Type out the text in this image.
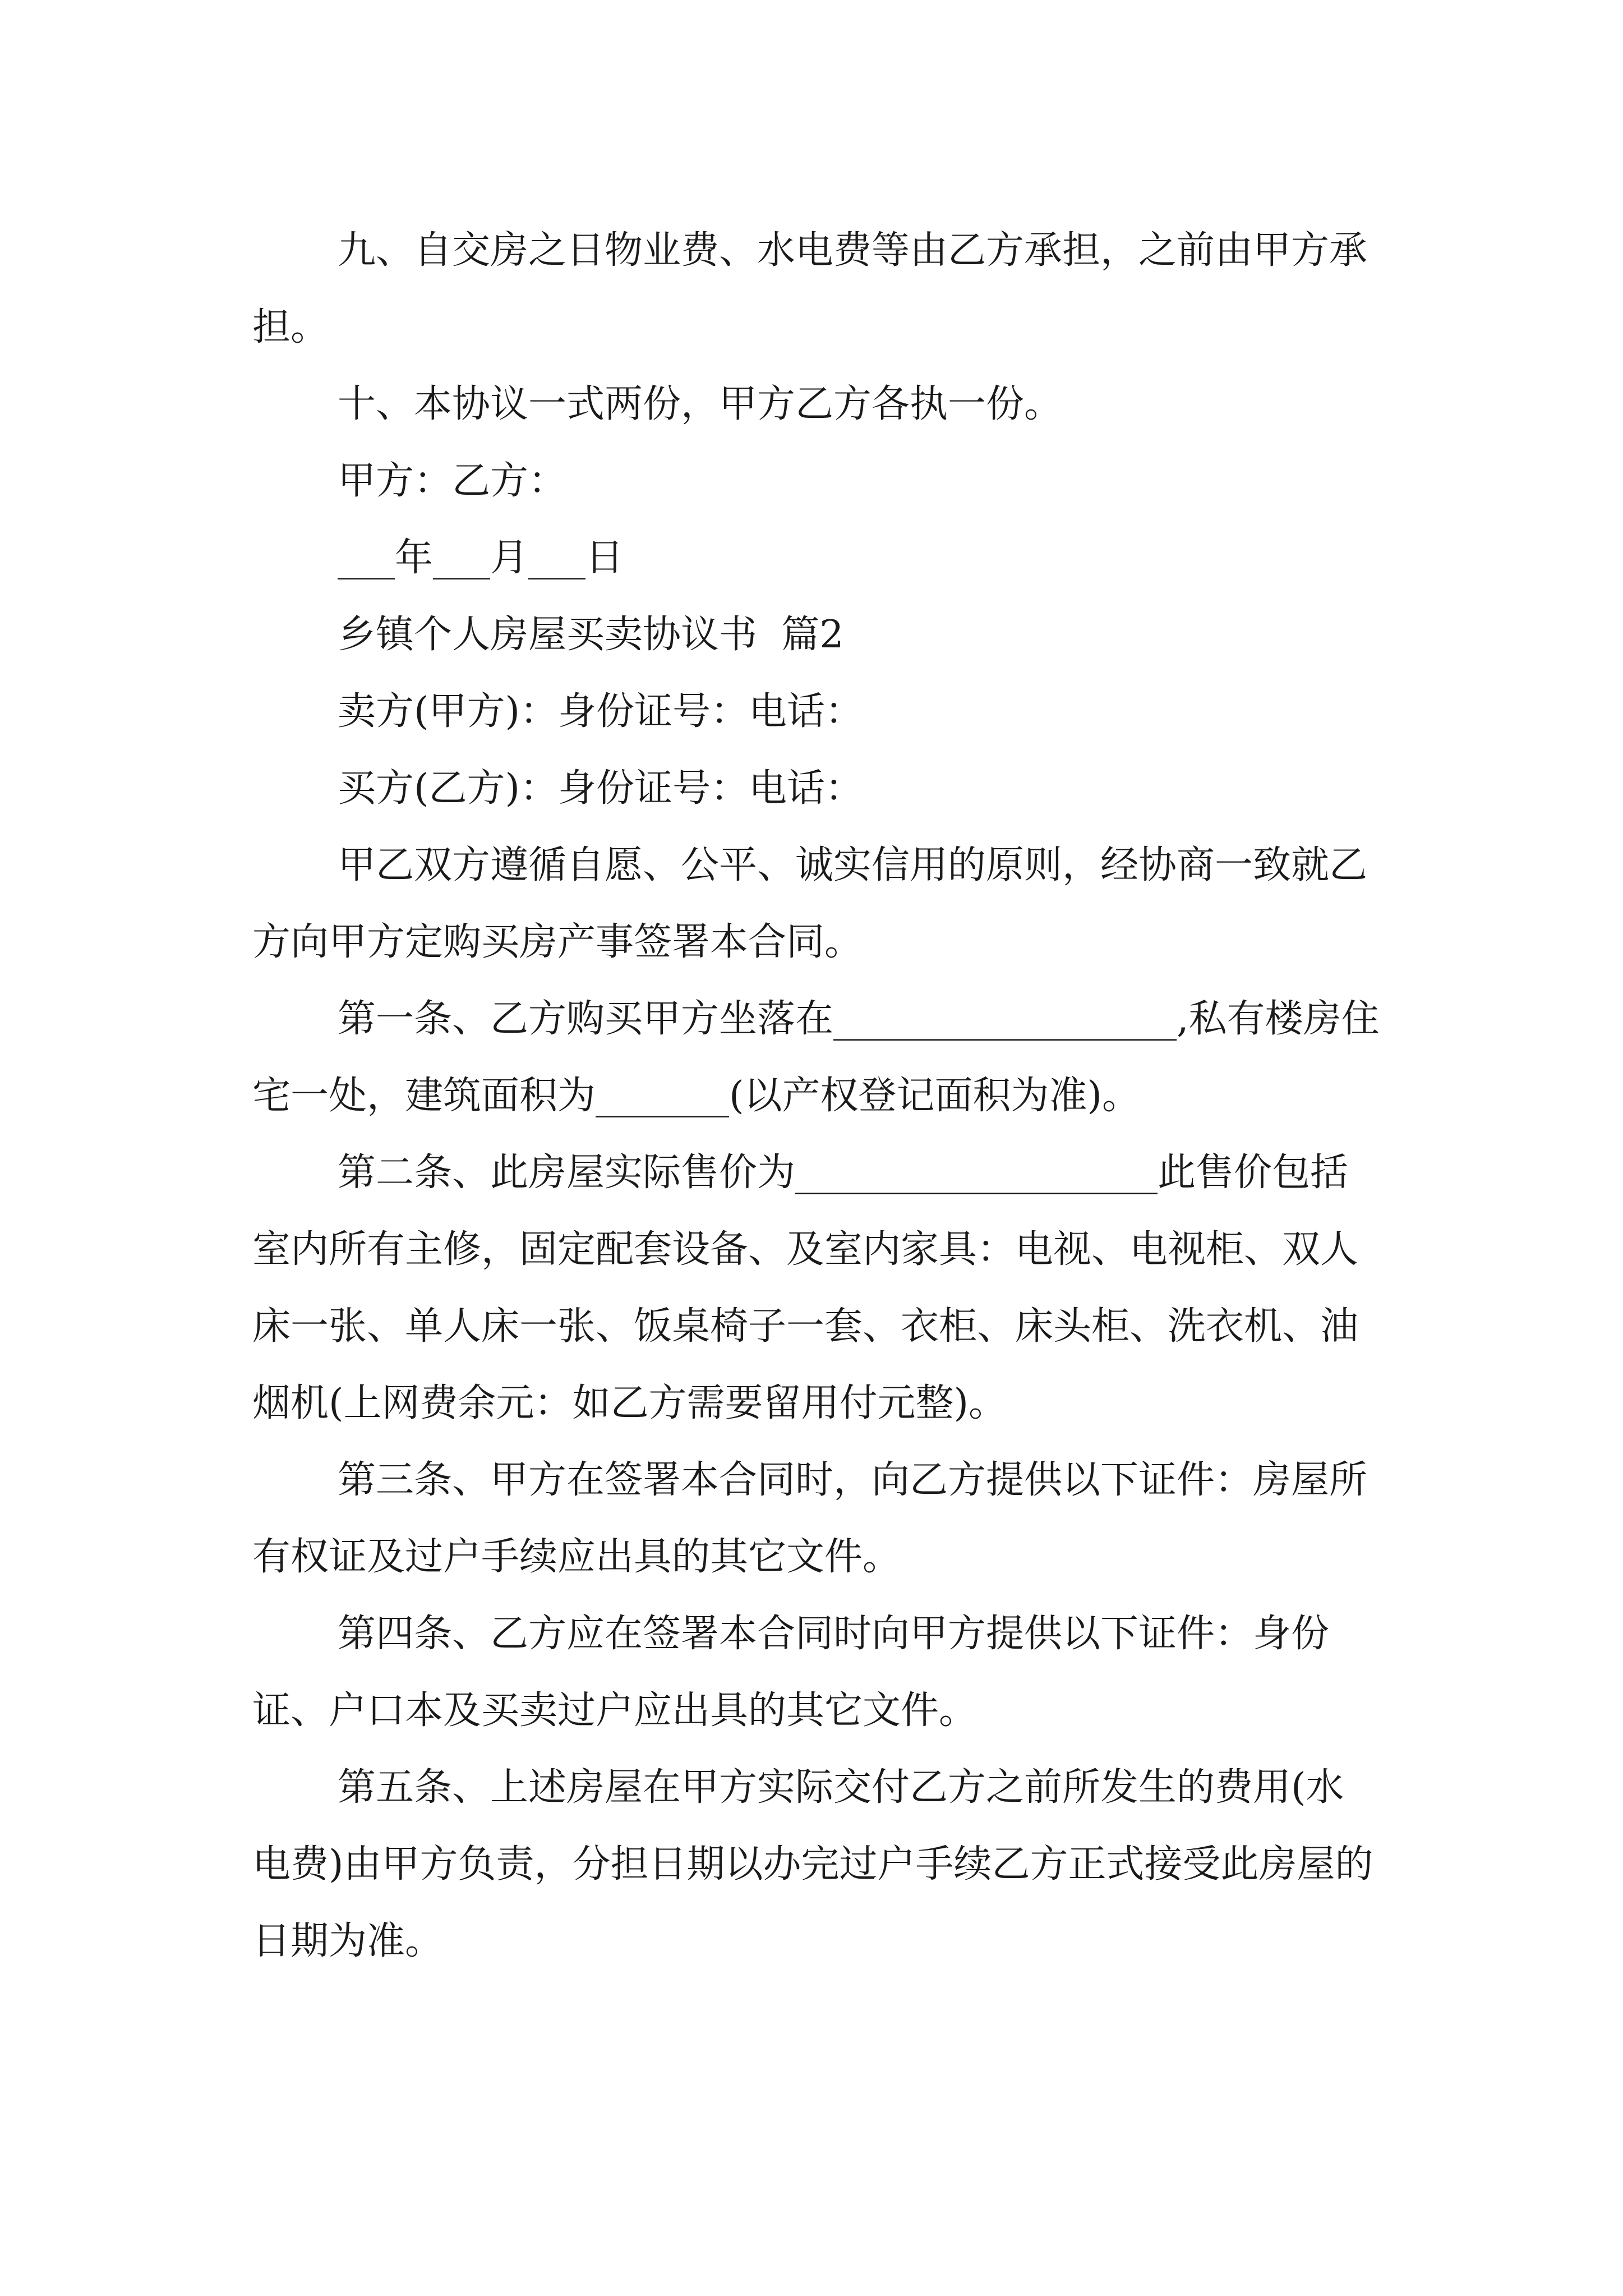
九、自交房之日物业费、水电费等由乙方承担，之前由甲方承担。

十、本协议一式两份，甲方乙方各执一份。

甲方：乙方：

___年___月___日

乡镇个人房屋买卖协议书  篇2

卖方(甲方)：身份证号：电话：

买方(乙方)：身份证号：电话：

甲乙双方遵循自愿、公平、诚实信用的原则，经协商一致就乙方向甲方定购买房产事签署本合同。

第一条、乙方购买甲方坐落在__________________,私有楼房住宅一处，建筑面积为_______(以产权登记面积为准)。

第二条、此房屋实际售价为___________________此售价包括室内所有主修，固定配套设备、及室内家具：电视、电视柜、双人床一张、单人床一张、饭桌椅子一套、衣柜、床头柜、洗衣机、油烟机(上网费余元：如乙方需要留用付元整)。

第三条、甲方在签署本合同时，向乙方提供以下证件：房屋所有权证及过户手续应出具的其它文件。

第四条、乙方应在签署本合同时向甲方提供以下证件：身份证、户口本及买卖过户应出具的其它文件。

第五条、上述房屋在甲方实际交付乙方之前所发生的费用(水电费)由甲方负责，分担日期以办完过户手续乙方正式接受此房屋的日期为准。
